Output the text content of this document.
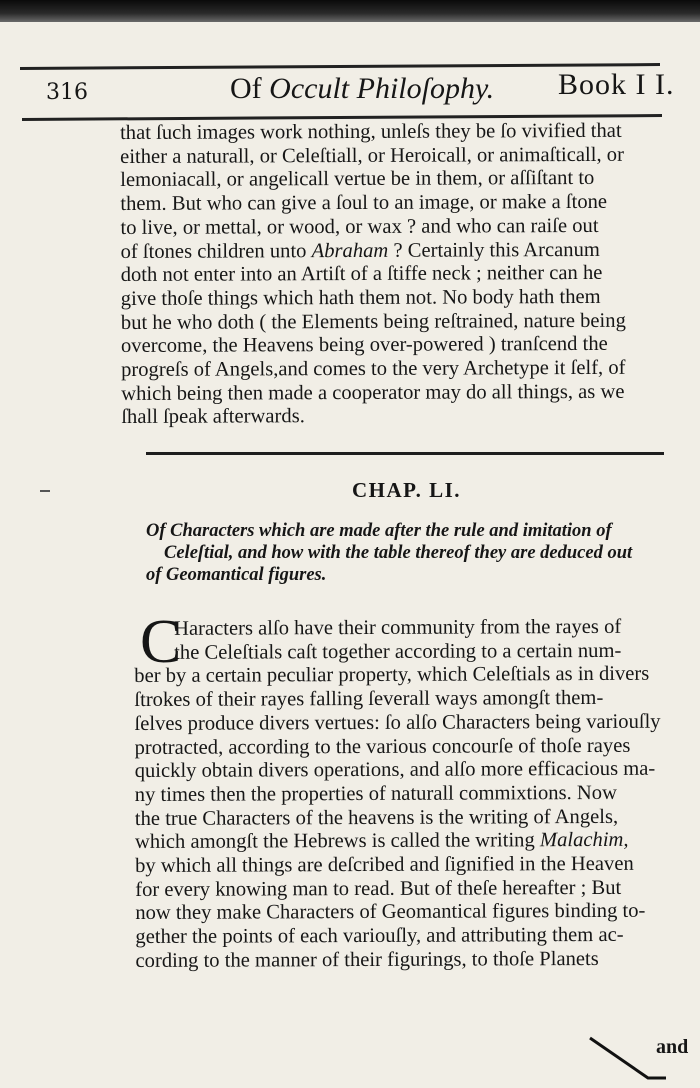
316	Of Occult Philoſophy. Book I I.
that ſuch images work nothing, unleſs they be ſo vivified that
either a naturall, or Celeſtiall, or Heroicall, or animaſticall, or
lemoniacall, or angelicall vertue be in them, or aſſiſtant to
them. But who can give a ſoul to an image, or make a ſtone
to live, or mettal, or wood, or wax ? and who can raiſe out
of ſtones children unto Abraham ? Certainly this Arcanum
doth not enter into an Artiſt of a ſtiffe neck ; neither can he
give thoſe things which hath them not. No body hath them
but he who doth ( the Elements being reſtrained, nature being
overcome, the Heavens being over-powered ) tranſcend the
progreſs of Angels,and comes to the very Archetype it ſelf, of
which being then made a cooperator may do all things, as we
ſhall ſpeak afterwards.
CHAP. LI.
Of Characters which are made after the rule and imitation of
Celeſtial, and how with the table thereof they are deduced out
of Geomantical figures.
C
Haracters alſo have their community from the rayes of
the Celeſtials caſt together according to a certain num-
ber by a certain peculiar property, which Celeſtials as in divers
ſtrokes of their rayes falling ſeverall ways amongſt them-
ſelves produce divers vertues: ſo alſo Characters being variouſly
protracted, according to the various concourſe of thoſe rayes
quickly obtain divers operations, and alſo more efficacious ma-
ny times then the properties of naturall commixtions. Now
the true Characters of the heavens is the writing of Angels,
which amongſt the Hebrews is called the writing Malachim,
by which all things are deſcribed and ſignified in the Heaven
for every knowing man to read. But of theſe hereafter ; But
now they make Characters of Geomantical figures binding to-
gether the points of each variouſly, and attributing them ac-
cording to the manner of their figurings, to thoſe Planets
and
